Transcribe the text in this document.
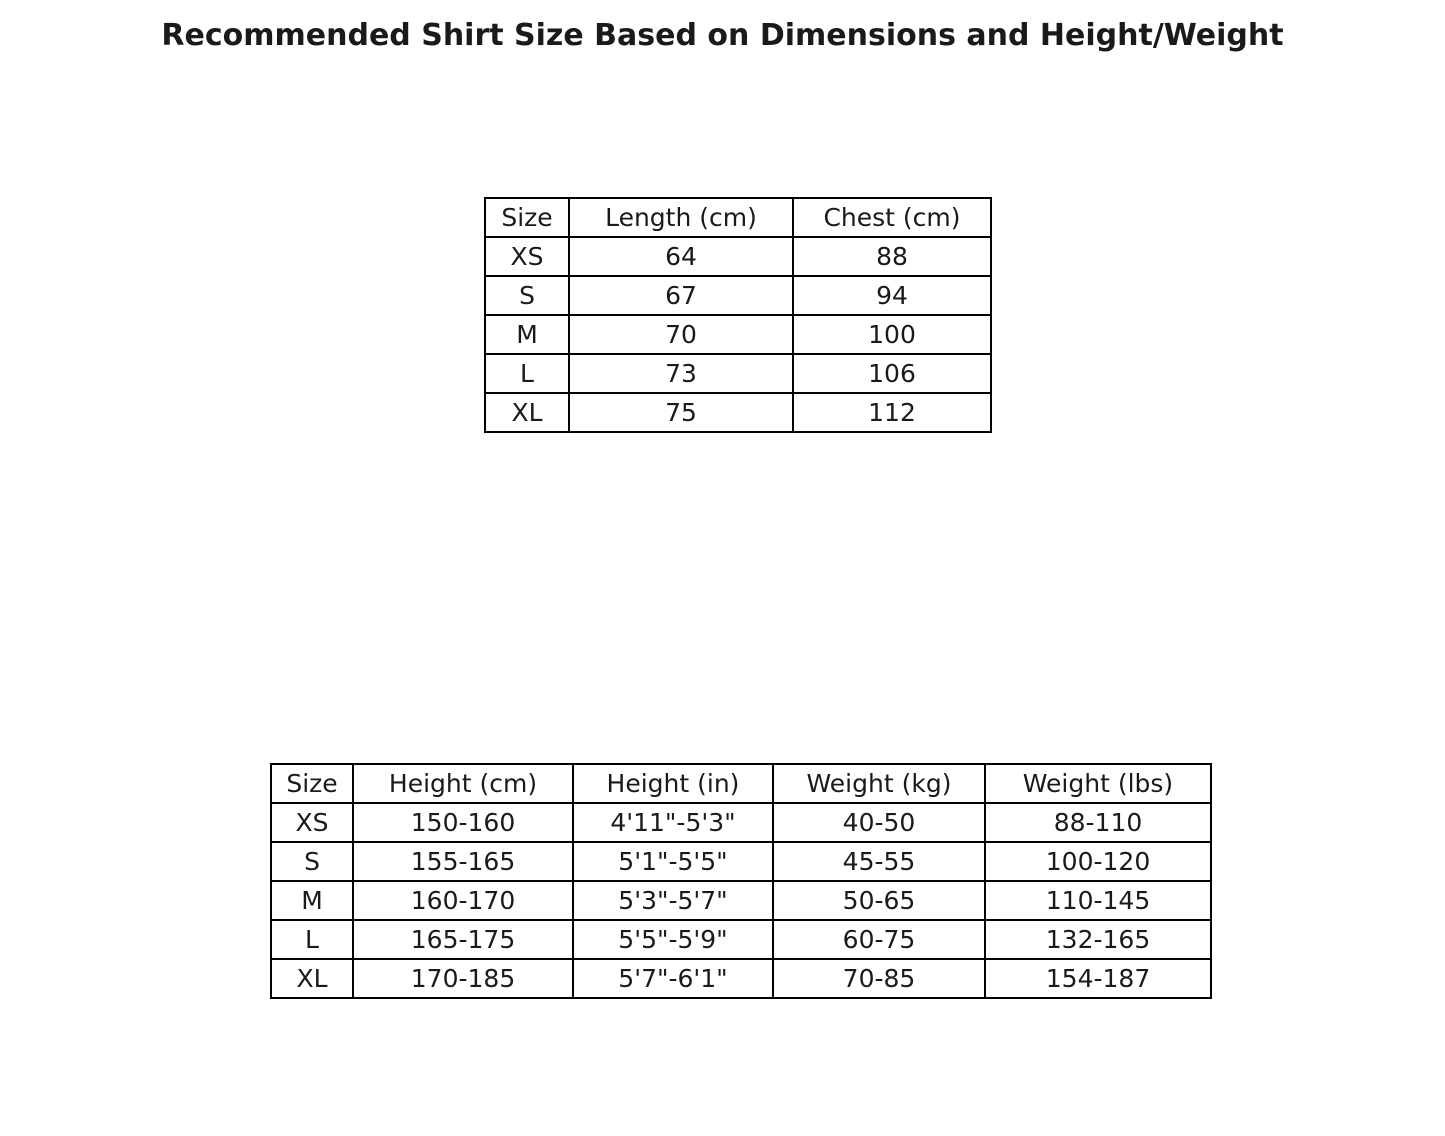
Recommended Shirt Size Based on Dimensions and Height/Weight
Size	Length (cm)	Chest (cm)
XS	64	88
S	67	94
M	70	100
L	73	106
XL	75	112
Size	Height (cm)	Height (in)	Weight (kg)	Weight (lbs)
XS	150-160	4'11"-5'3"	40-50	88-110
S	155-165	5'1"-5'5"	45-55	100-120
M	160-170	5'3"-5'7"	50-65	110-145
L	165-175	5'5"-5'9"	60-75	132-165
XL	170-185	5'7"-6'1"	70-85	154-187
